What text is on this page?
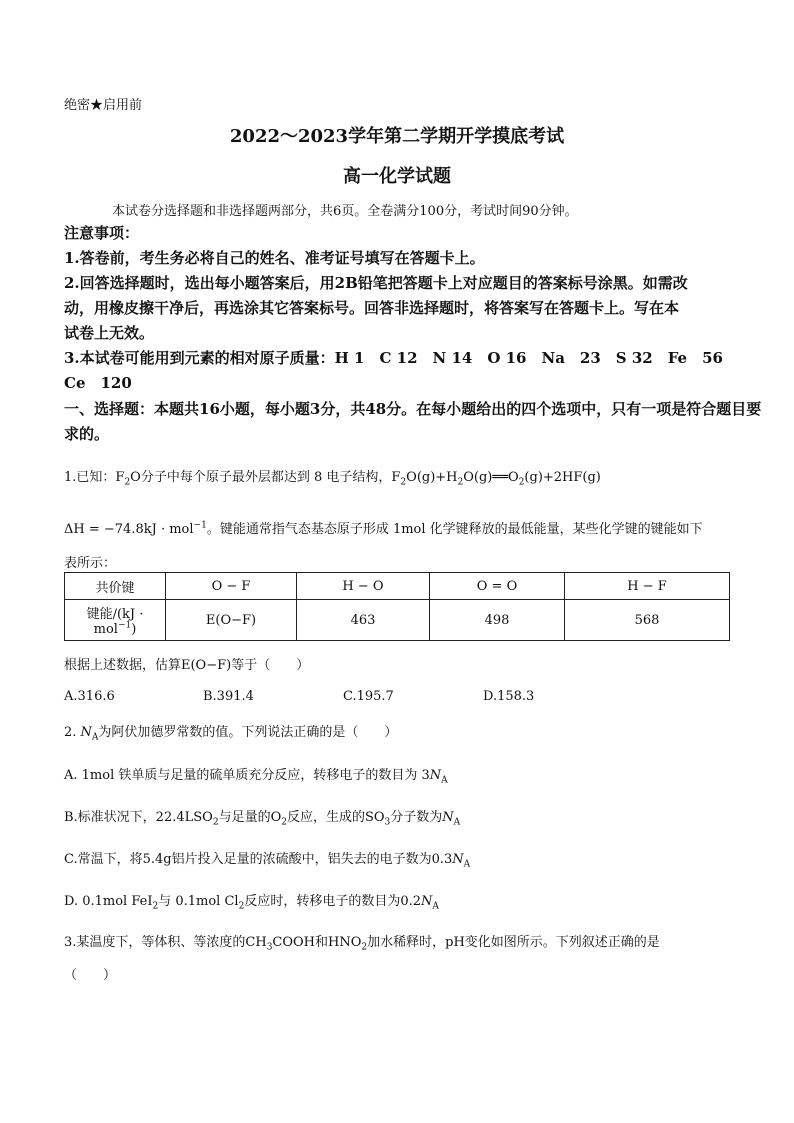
绝密★启用前
2022～2023学年第二学期开学摸底考试
高一化学试题
本试卷分选择题和非选择题两部分，共6页。全卷满分100分，考试时间90分钟。
注意事项：
1.答卷前，考生务必将自己的姓名、准考证号填写在答题卡上。
2.回答选择题时，选出每小题答案后，用2B铅笔把答题卡上对应题目的答案标号涂黑。如需改
动，用橡皮擦干净后，再选涂其它答案标号。回答非选择题时，将答案写在答题卡上。写在本
试卷上无效。
3.本试卷可能用到元素的相对原子质量：H 1　C 12　N 14　O 16　Na　23　S 32　Fe　56
Ce　120
一、选择题：本题共16小题，每小题3分，共48分。在每小题给出的四个选项中，只有一项是符合题目要
求的。
1.已知：$F_2O$分子中每个原子最外层都达到 8 电子结构，$F_2O(g)+H_2O(g)══O_2(g)+2HF(g)$
ΔH = −74.8kJ · mol$^{-1}$。键能通常指气态基态原子形成 1mol 化学键释放的最低能量，某些化学键的键能如下
表所示：
共价键	O − F	H − O	O = O	H − F
键能/(kJ · mol$^{-1}$)	E(O−F)	463	498	568
根据上述数据，估算E(O−F)等于（　　）
A.316.6	B.391.4	C.195.7	D.158.3
2. $N_A$为阿伏加德罗常数的值。下列说法正确的是（　　）
A. 1mol 铁单质与足量的硫单质充分反应，转移电子的数目为 $3N_A$
B.标准状况下，$22.4LSO_2$与足量的$O_2$反应，生成的$SO_3$分子数为$N_A$
C.常温下，将5.4g铝片投入足量的浓硫酸中，铝失去的电子数为$0.3N_A$
D. 0.1mol FeI$_2$与 0.1mol $Cl_2$反应时，转移电子的数目为$0.2N_A$
3.某温度下，等体积、等浓度的$CH_3COOH$和$HNO_2$加水稀释时，pH变化如图所示。下列叙述正确的是
（　　）
